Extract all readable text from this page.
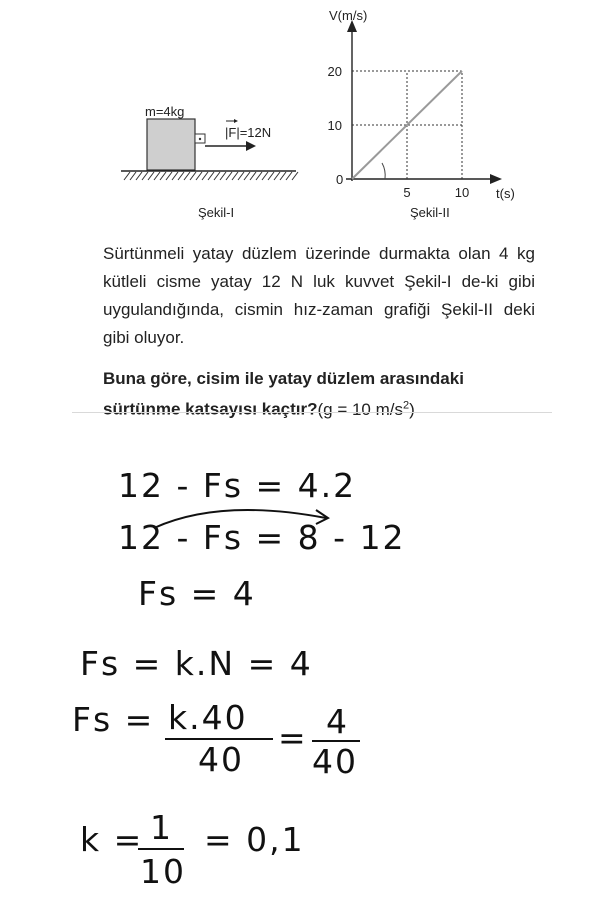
m=4kg
|F|=12N
Şekil-I
V(m/s)
t(s)
0
10
20
5	10
Şekil-II
Sürtünmeli yatay düzlem üzerinde durmakta olan 4 kg kütleli cisme yatay 12 N luk kuvvet Şekil-I de-ki gibi uygulandığında, cismin hız-zaman grafiği Şekil-II deki gibi oluyor.
Buna göre, cisim ile yatay düzlem arasındaki sürtünme katsayısı kaçtır?(g = 10 $m/s^2$)
12 - Fs = 4.2
12 - Fs = 8 - 12
Fs = 4
Fs = k.N = 4
Fs = k.40
40
= 4
40
k = 1
10
= 0,1
